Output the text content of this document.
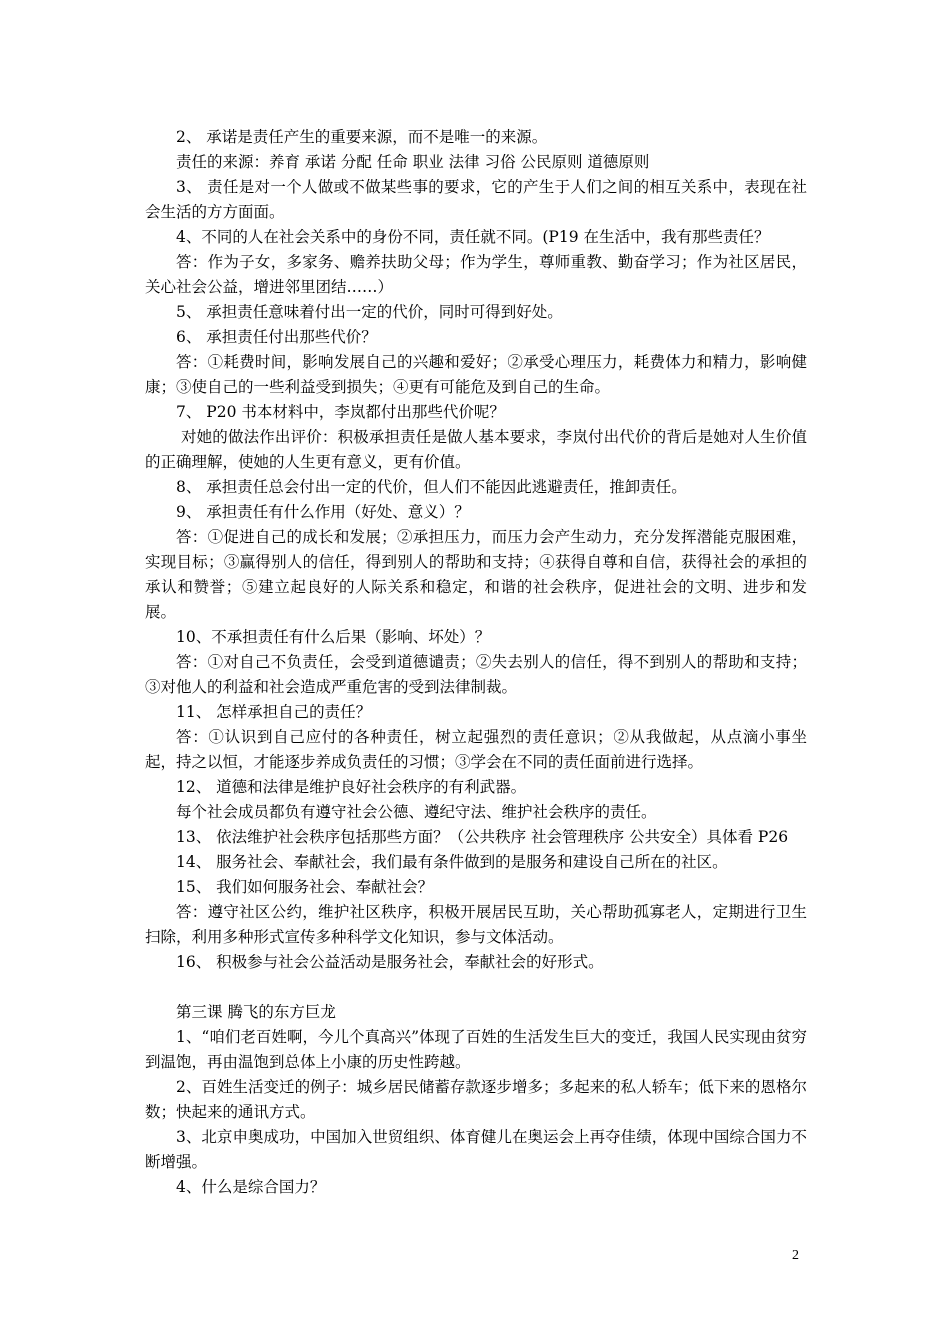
2、 承诺是责任产生的重要来源，而不是唯一的来源。

责任的来源：养育 承诺 分配 任命 职业 法律 习俗 公民原则 道德原则

3、 责任是对一个人做或不做某些事的要求，它的产生于人们之间的相互关系中，表现在社会生活的方方面面。

4、不同的人在社会关系中的身份不同，责任就不同。(P19 在生活中，我有那些责任？

答：作为子女，多家务、赡养扶助父母；作为学生，尊师重教、勤奋学习；作为社区居民，关心社会公益，增进邻里团结……）

5、 承担责任意味着付出一定的代价，同时可得到好处。

6、 承担责任付出那些代价？

答：①耗费时间，影响发展自己的兴趣和爱好；②承受心理压力，耗费体力和精力，影响健康；③使自己的一些利益受到损失；④更有可能危及到自己的生命。

7、 P20 书本材料中，李岚都付出那些代价呢？

对她的做法作出评价：积极承担责任是做人基本要求，李岚付出代价的背后是她对人生价值的正确理解，使她的人生更有意义，更有价值。

8、 承担责任总会付出一定的代价，但人们不能因此逃避责任，推卸责任。

9、 承担责任有什么作用（好处、意义）？

答：①促进自己的成长和发展；②承担压力，而压力会产生动力，充分发挥潜能克服困难，实现目标；③赢得别人的信任，得到别人的帮助和支持；④获得自尊和自信，获得社会的承担的承认和赞誉；⑤建立起良好的人际关系和稳定，和谐的社会秩序，促进社会的文明、进步和发展。

10、不承担责任有什么后果（影响、坏处）？

答：①对自己不负责任，会受到道德谴责；②失去别人的信任，得不到别人的帮助和支持；③对他人的利益和社会造成严重危害的受到法律制裁。

11、 怎样承担自己的责任？

答：①认识到自己应付的各种责任，树立起强烈的责任意识；②从我做起，从点滴小事坐起，持之以恒，才能逐步养成负责任的习惯；③学会在不同的责任面前进行选择。

12、 道德和法律是维护良好社会秩序的有利武器。

每个社会成员都负有遵守社会公德、遵纪守法、维护社会秩序的责任。

13、 依法维护社会秩序包括那些方面？（公共秩序 社会管理秩序 公共安全）具体看 P26

14、 服务社会、奉献社会，我们最有条件做到的是服务和建设自己所在的社区。

15、 我们如何服务社会、奉献社会？

答：遵守社区公约，维护社区秩序，积极开展居民互助，关心帮助孤寡老人，定期进行卫生扫除，利用多种形式宣传多种科学文化知识，参与文体活动。

16、 积极参与社会公益活动是服务社会，奉献社会的好形式。

第三课 腾飞的东方巨龙

1、“咱们老百姓啊，今儿个真高兴”体现了百姓的生活发生巨大的变迁，我国人民实现由贫穷到温饱，再由温饱到总体上小康的历史性跨越。

2、百姓生活变迁的例子：城乡居民储蓄存款逐步增多；多起来的私人轿车；低下来的恩格尔数；快起来的通讯方式。

3、北京申奥成功，中国加入世贸组织、体育健儿在奥运会上再夺佳绩，体现中国综合国力不断增强。

4、什么是综合国力？

2
